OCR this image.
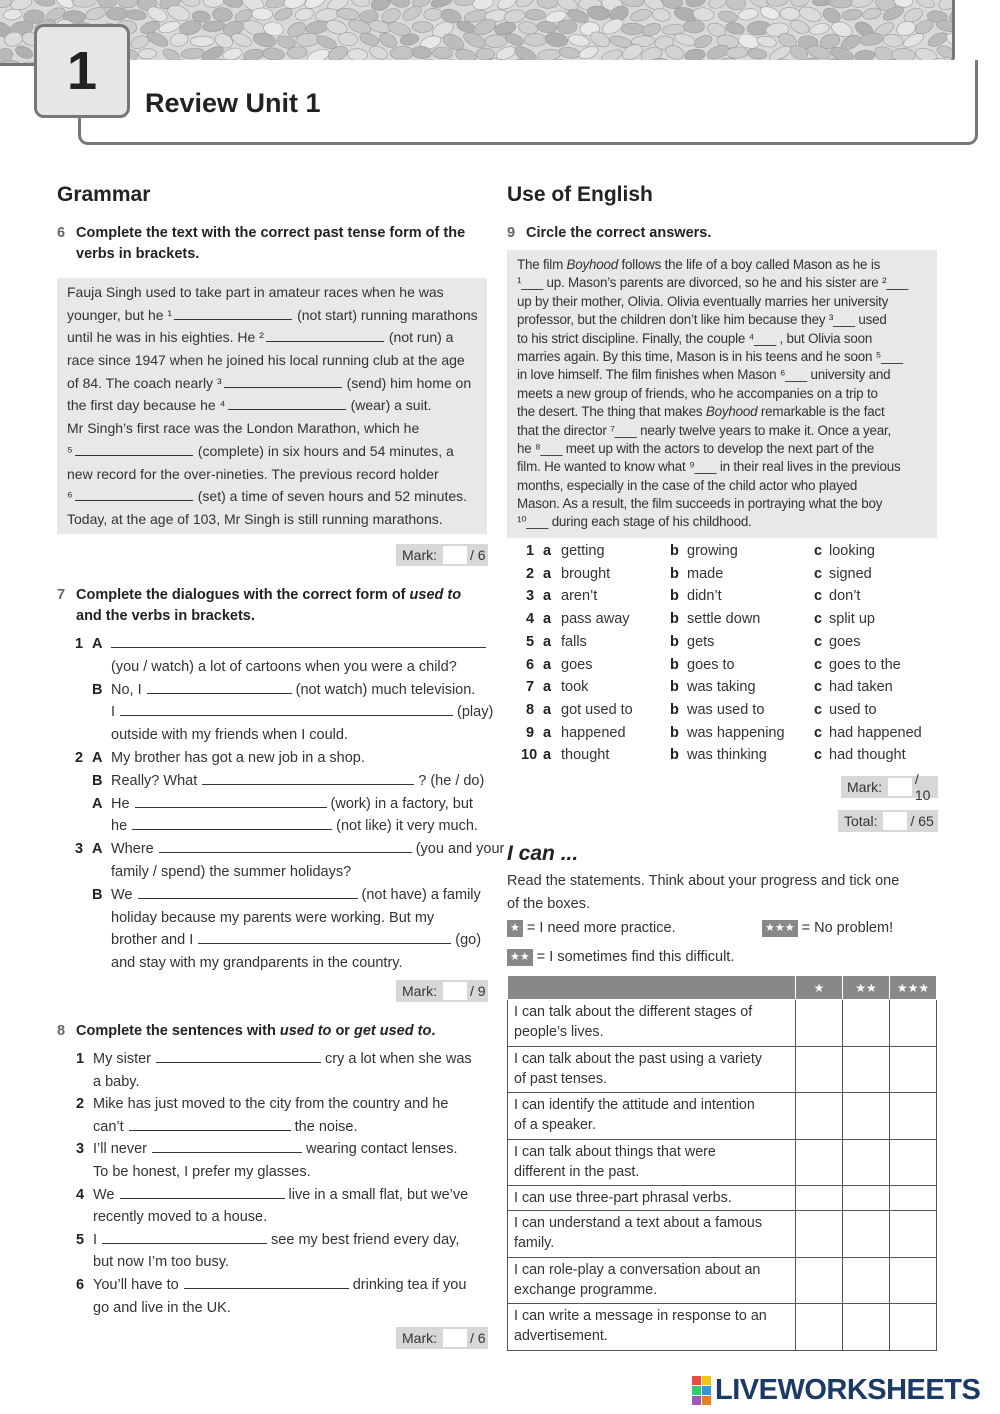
1
Review Unit 1
Grammar
6 Complete the text with the correct past tense form of the
verbs in brackets.
Fauja Singh used to take part in amateur races when he was
younger, but he ¹	(not start) running marathons
until he was in his eighties. He ²	(not run) a
race since 1947 when he joined his local running club at the age
of 84. The coach nearly ³	(send) him home on
the first day because he ⁴	(wear) a suit.
Mr Singh’s first race was the London Marathon, which he
⁵	(complete) in six hours and 54 minutes, a
new record for the over-nineties. The previous record holder
⁶	(set) a time of seven hours and 52 minutes.
Today, at the age of 103, Mr Singh is still running marathons.
Mark: / 6
7 Complete the dialogues with the correct form of used to
and the verbs in brackets.
1 A
(you / watch) a lot of cartoons when you were a child?
B No, I	(not watch) much television.
I	(play)
outside with my friends when I could.
2 A My brother has got a new job in a shop.
B Really? What	? (he / do)
A He	(work) in a factory, but
he	(not like) it very much.
3 A Where	(you and your
family / spend) the summer holidays?
B We	(not have) a family
holiday because my parents were working. But my
brother and I	(go)
and stay with my grandparents in the country.
Mark: / 9
8 Complete the sentences with used to or get used to.
1 My sister	cry a lot when she was
a baby.
2 Mike has just moved to the city from the country and he
can’t	the noise.
3 I’ll never	wearing contact lenses.
To be honest, I prefer my glasses.
4 We	live in a small flat, but we’ve
recently moved to a house.
5 I	see my best friend every day,
but now I’m too busy.
6 You’ll have to	drinking tea if you
go and live in the UK.
Mark: / 6
Use of English
9 Circle the correct answers.
The film Boyhood follows the life of a boy called Mason as he is
¹___ up. Mason’s parents are divorced, so he and his sister are ²___
up by their mother, Olivia. Olivia eventually marries her university
professor, but the children don’t like him because they ³___ used
to his strict discipline. Finally, the couple ⁴___ , but Olivia soon
marries again. By this time, Mason is in his teens and he soon ⁵___
in love himself. The film finishes when Mason ⁶___ university and
meets a new group of friends, who he accompanies on a trip to
the desert. The thing that makes Boyhood remarkable is the fact
that the director ⁷___ nearly twelve years to make it. Once a year,
he ⁸___ meet up with the actors to develop the next part of the
film. He wanted to know what ⁹___ in their real lives in the previous
months, especially in the case of the child actor who played
Mason. As a result, the film succeeds in portraying what the boy
¹⁰___ during each stage of his childhood.
1 a getting	b growing	c looking
2 a brought	b made	c signed
3 a aren’t	b didn’t	c don’t
4 a pass away	b settle down	c split up
5 a falls	b gets	c goes
6 a goes	b goes to	c goes to the
7 a took	b was taking	c had taken
8 a got used to	b was used to	c used to
9 a happened	b was happening c had happened
10 a thought	b was thinking	c had thought
Mark: / 10
Total: / 65
I can ...
Read the statements. Think about your progress and tick one
of the boxes.
★ = I need more practice.	★★★ = No problem!
★★ = I sometimes find this difficult.
	★	★★	★★★

I can talk about the different stages of
people’s lives.			

I can talk about the past using a variety
of past tenses.			

I can identify the attitude and intention
of a speaker.			

I can talk about things that were
different in the past.			

I can use three-part phrasal verbs.			

I can understand a text about a famous
family.			

I can role-play a conversation about an
exchange programme.			

I can write a message in response to an
advertisement.			

LIVEWORKSHEETS
